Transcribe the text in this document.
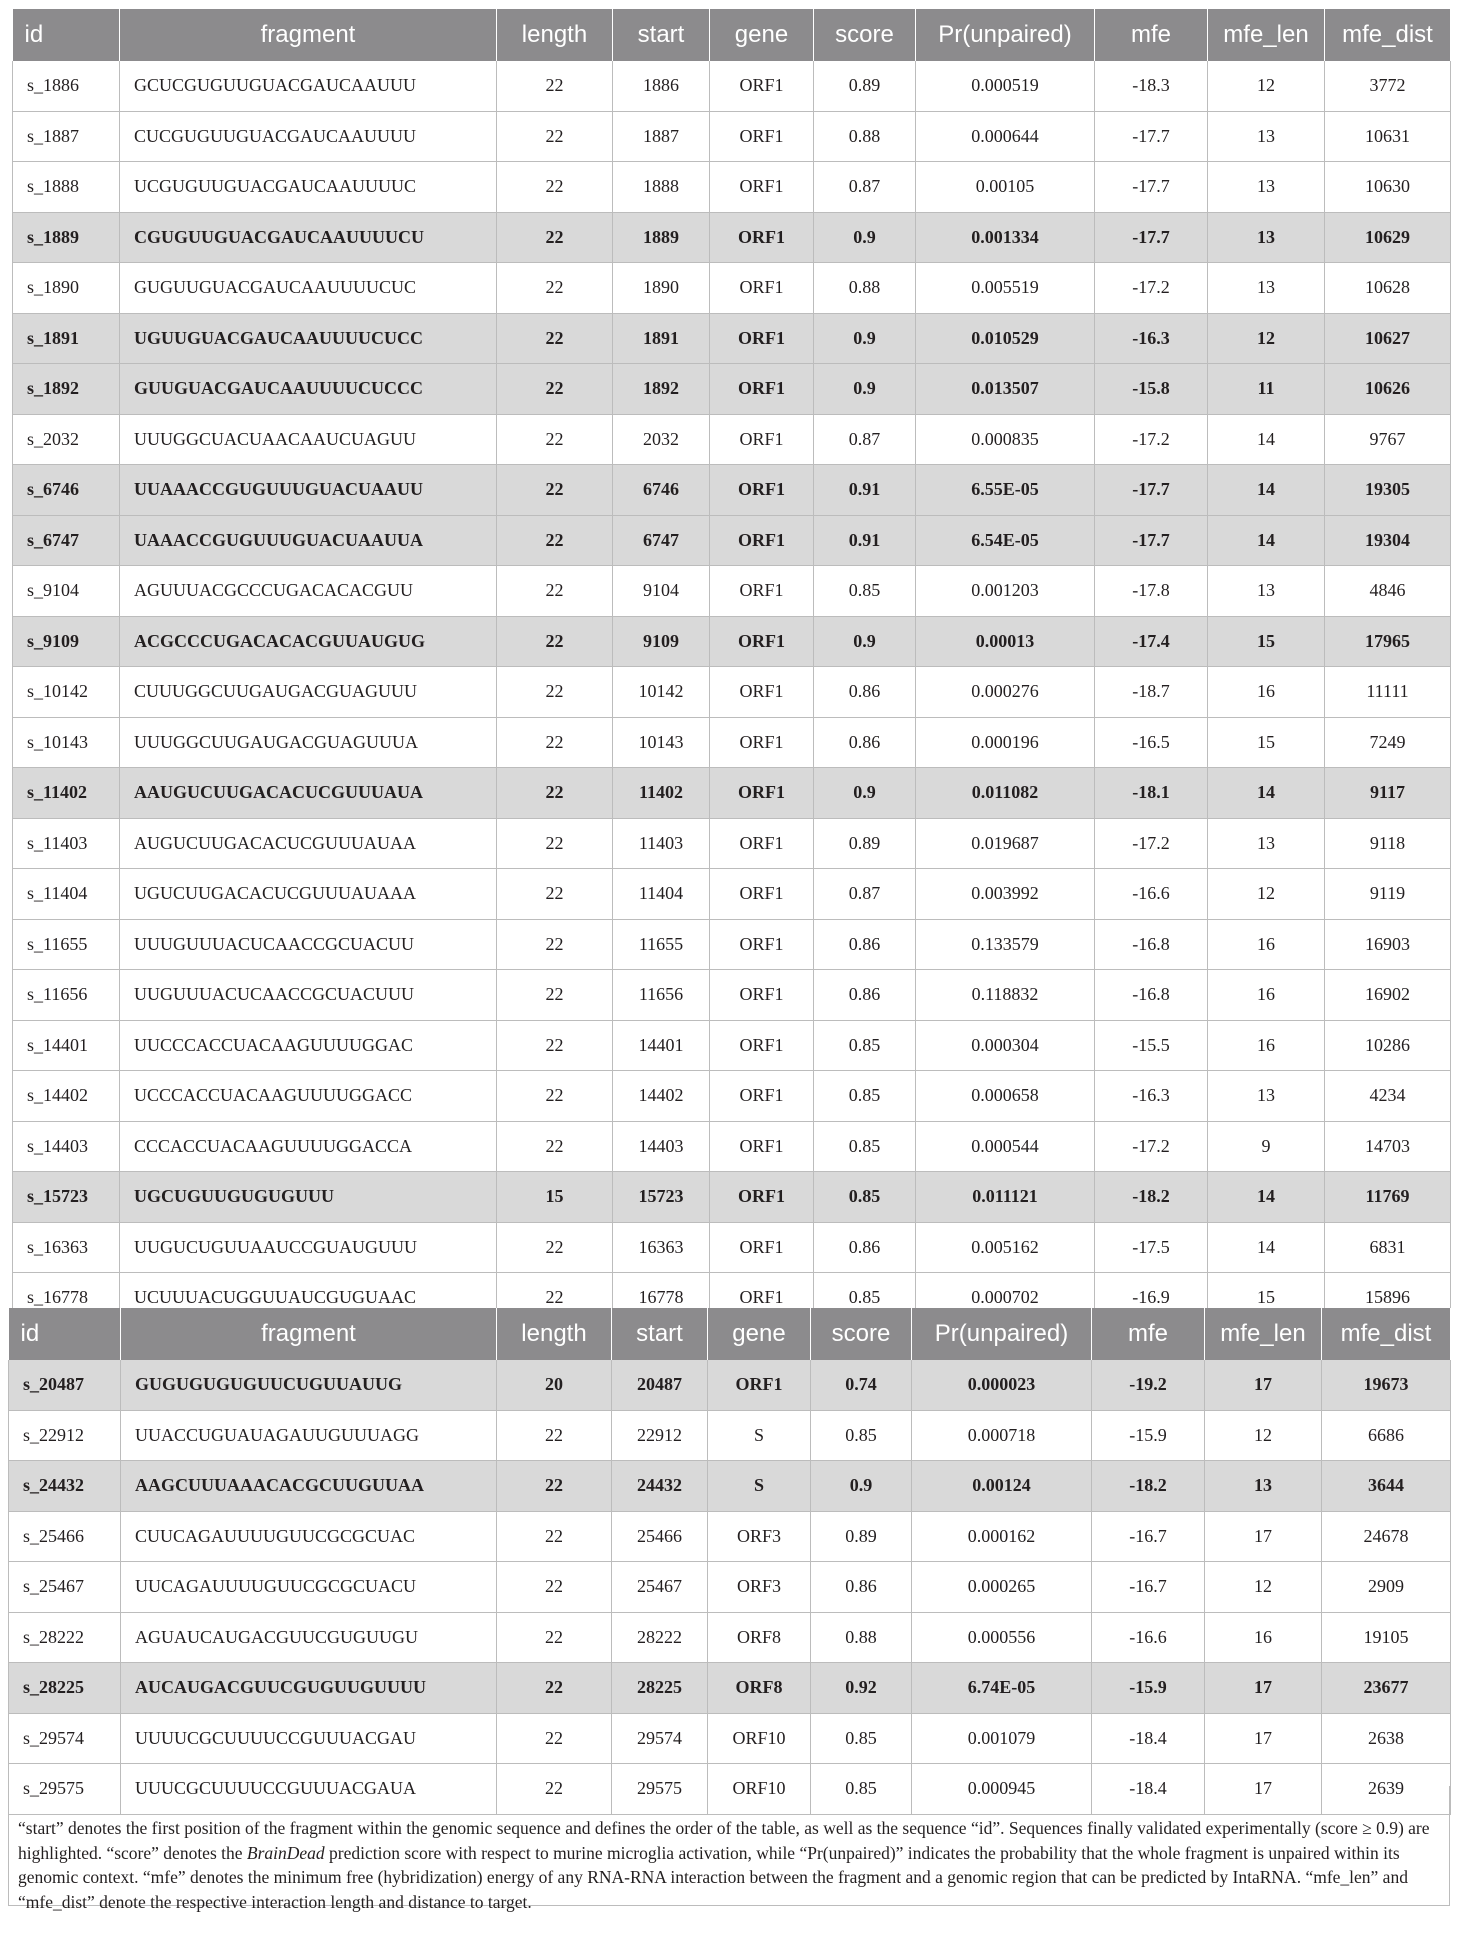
id	fragment	length	start	gene	score	Pr(unpaired)	mfe	mfe_len	mfe_dist
s_1886	GCUCGUGUUGUACGAUCAAUUU	22	1886	ORF1	0.89	0.000519	-18.3	12	3772
s_1887	CUCGUGUUGUACGAUCAAUUUU	22	1887	ORF1	0.88	0.000644	-17.7	13	10631
s_1888	UCGUGUUGUACGAUCAAUUUUC	22	1888	ORF1	0.87	0.00105	-17.7	13	10630
s_1889	CGUGUUGUACGAUCAAUUUUCU	22	1889	ORF1	0.9	0.001334	-17.7	13	10629
s_1890	GUGUUGUACGAUCAAUUUUCUC	22	1890	ORF1	0.88	0.005519	-17.2	13	10628
s_1891	UGUUGUACGAUCAAUUUUCUCC	22	1891	ORF1	0.9	0.010529	-16.3	12	10627
s_1892	GUUGUACGAUCAAUUUUCUCCC	22	1892	ORF1	0.9	0.013507	-15.8	11	10626
s_2032	UUUGGCUACUAACAAUCUAGUU	22	2032	ORF1	0.87	0.000835	-17.2	14	9767
s_6746	UUAAACCGUGUUUGUACUAAUU	22	6746	ORF1	0.91	6.55E-05	-17.7	14	19305
s_6747	UAAACCGUGUUUGUACUAAUUA	22	6747	ORF1	0.91	6.54E-05	-17.7	14	19304
s_9104	AGUUUACGCCCUGACACACGUU	22	9104	ORF1	0.85	0.001203	-17.8	13	4846
s_9109	ACGCCCUGACACACGUUAUGUG	22	9109	ORF1	0.9	0.00013	-17.4	15	17965
s_10142	CUUUGGCUUGAUGACGUAGUUU	22	10142	ORF1	0.86	0.000276	-18.7	16	11111
s_10143	UUUGGCUUGAUGACGUAGUUUA	22	10143	ORF1	0.86	0.000196	-16.5	15	7249
s_11402	AAUGUCUUGACACUCGUUUAUA	22	11402	ORF1	0.9	0.011082	-18.1	14	9117
s_11403	AUGUCUUGACACUCGUUUAUAA	22	11403	ORF1	0.89	0.019687	-17.2	13	9118
s_11404	UGUCUUGACACUCGUUUAUAAA	22	11404	ORF1	0.87	0.003992	-16.6	12	9119
s_11655	UUUGUUUACUCAACCGCUACUU	22	11655	ORF1	0.86	0.133579	-16.8	16	16903
s_11656	UUGUUUACUCAACCGCUACUUU	22	11656	ORF1	0.86	0.118832	-16.8	16	16902
s_14401	UUCCCACCUACAAGUUUUGGAC	22	14401	ORF1	0.85	0.000304	-15.5	16	10286
s_14402	UCCCACCUACAAGUUUUGGACC	22	14402	ORF1	0.85	0.000658	-16.3	13	4234
s_14403	CCCACCUACAAGUUUUGGACCA	22	14403	ORF1	0.85	0.000544	-17.2	9	14703
s_15723	UGCUGUUGUGUGUUU	15	15723	ORF1	0.85	0.011121	-18.2	14	11769
s_16363	UUGUCUGUUAAUCCGUAUGUUU	22	16363	ORF1	0.86	0.005162	-17.5	14	6831
s_16778	UCUUUACUGGUUAUCGUGUAAC	22	16778	ORF1	0.85	0.000702	-16.9	15	15896
id	fragment	length	start	gene	score	Pr(unpaired)	mfe	mfe_len	mfe_dist
s_20487	GUGUGUGUGUUCUGUUAUUG	20	20487	ORF1	0.74	0.000023	-19.2	17	19673
s_22912	UUACCUGUAUAGAUUGUUUAGG	22	22912	S	0.85	0.000718	-15.9	12	6686
s_24432	AAGCUUUAAACACGCUUGUUAA	22	24432	S	0.9	0.00124	-18.2	13	3644
s_25466	CUUCAGAUUUUGUUCGCGCUAC	22	25466	ORF3	0.89	0.000162	-16.7	17	24678
s_25467	UUCAGAUUUUGUUCGCGCUACU	22	25467	ORF3	0.86	0.000265	-16.7	12	2909
s_28222	AGUAUCAUGACGUUCGUGUUGU	22	28222	ORF8	0.88	0.000556	-16.6	16	19105
s_28225	AUCAUGACGUUCGUGUUGUUUU	22	28225	ORF8	0.92	6.74E-05	-15.9	17	23677
s_29574	UUUUCGCUUUUCCGUUUACGAU	22	29574	ORF10	0.85	0.001079	-18.4	17	2638
s_29575	UUUCGCUUUUCCGUUUACGAUA	22	29575	ORF10	0.85	0.000945	-18.4	17	2639

“start” denotes the first position of the fragment within the genomic sequence and defines the order of the table, as well as the sequence “id”. Sequences finally validated experimentally (score ≥ 0.9) are highlighted. “score” denotes the BrainDead prediction score with respect to murine microglia activation, while “Pr(unpaired)” indicates the probability that the whole fragment is unpaired within its genomic context. “mfe” denotes the minimum free (hybridization) energy of any RNA-RNA interaction between the fragment and a genomic region that can be predicted by IntaRNA. “mfe_len” and “mfe_dist” denote the respective interaction length and distance to target.
